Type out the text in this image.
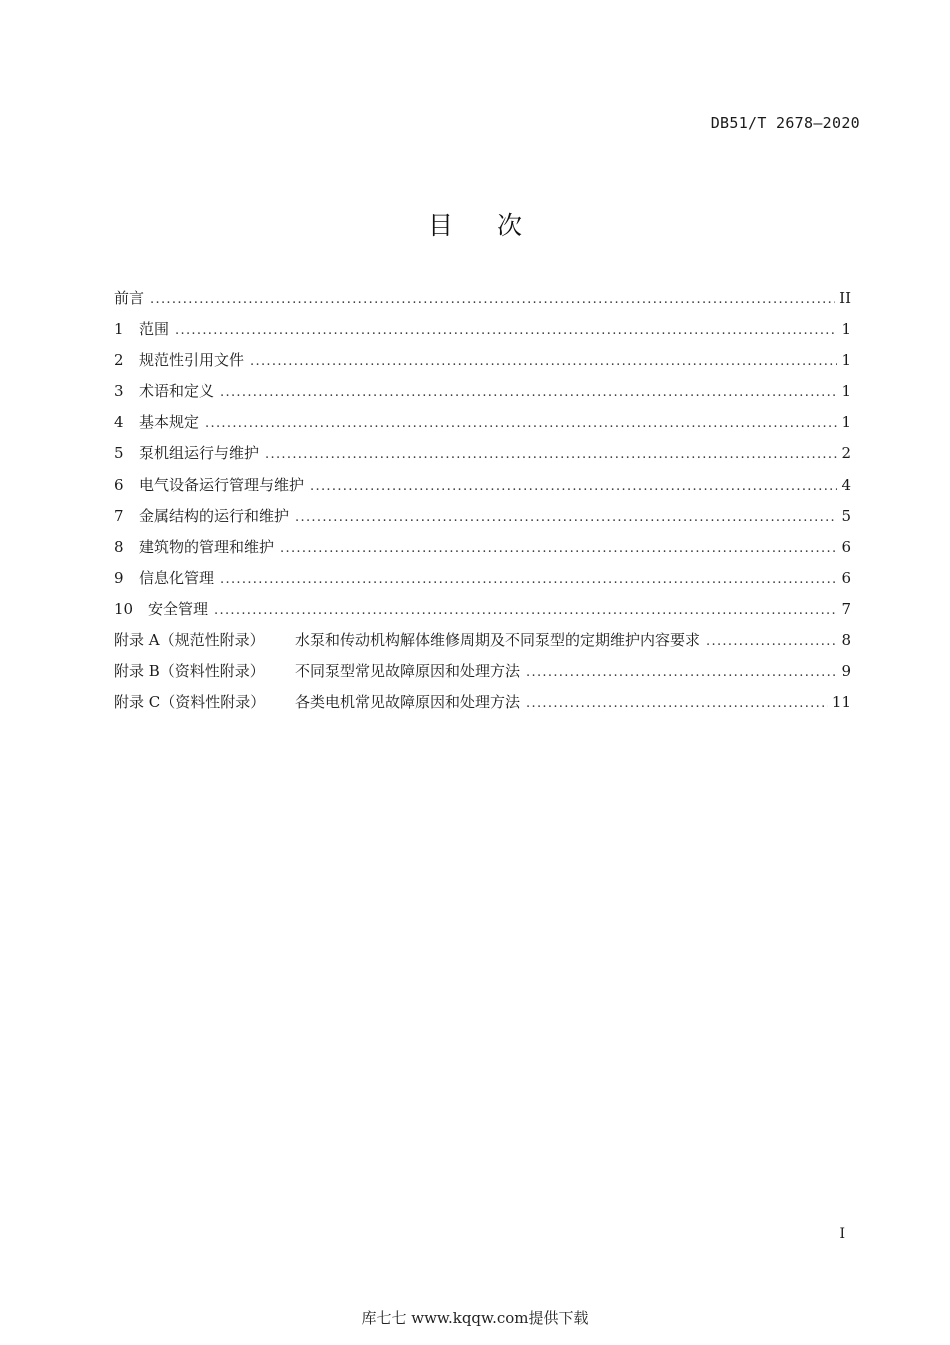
DB51/T 2678—2020
目次
前言 . . .	II
1	范围 . . .	1
2	规范性引用文件 . . .	1
3	术语和定义 . . .	1
4	基本规定 . . .	1
5	泵机组运行与维护 . . .	2
6	电气设备运行管理与维护 . . .	4
7	金属结构的运行和维护 . . .	5
8	建筑物的管理和维护 . . .	6
9	信息化管理 . . .	6
10 安全管理 . . .	7
附录 A（规范性附录）	水泵和传动机构解体维修周期及不同泵型的定期维护内容要求 . . .	8
附录 B（资料性附录）	不同泵型常见故障原因和处理方法 . . .	9
附录 C（资料性附录）	各类电机常见故障原因和处理方法 . . .	11
I
库七七 www.kqqw.com提供下载
